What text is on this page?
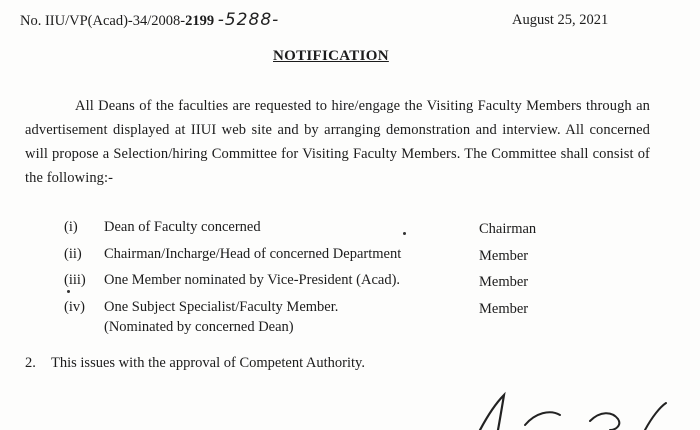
No. IIU/VP(Acad)-34/2008-2199 -5288-	August 25, 2021
NOTIFICATION
All Deans of the faculties are requested to hire/engage the Visiting Faculty Members through an advertisement displayed at IIUI web site and by arranging demonstration and interview. All concerned will propose a Selection/hiring Committee for Visiting Faculty Members. The Committee shall consist of the following:-
(i) Dean of Faculty concerned	Chairman
(ii) Chairman/Incharge/Head of concerned Department	Member
(iii) One Member nominated by Vice-President (Acad).	Member
(iv) One Subject Specialist/Faculty Member.	Member
(Nominated by concerned Dean)
2. This issues with the approval of Competent Authority.
